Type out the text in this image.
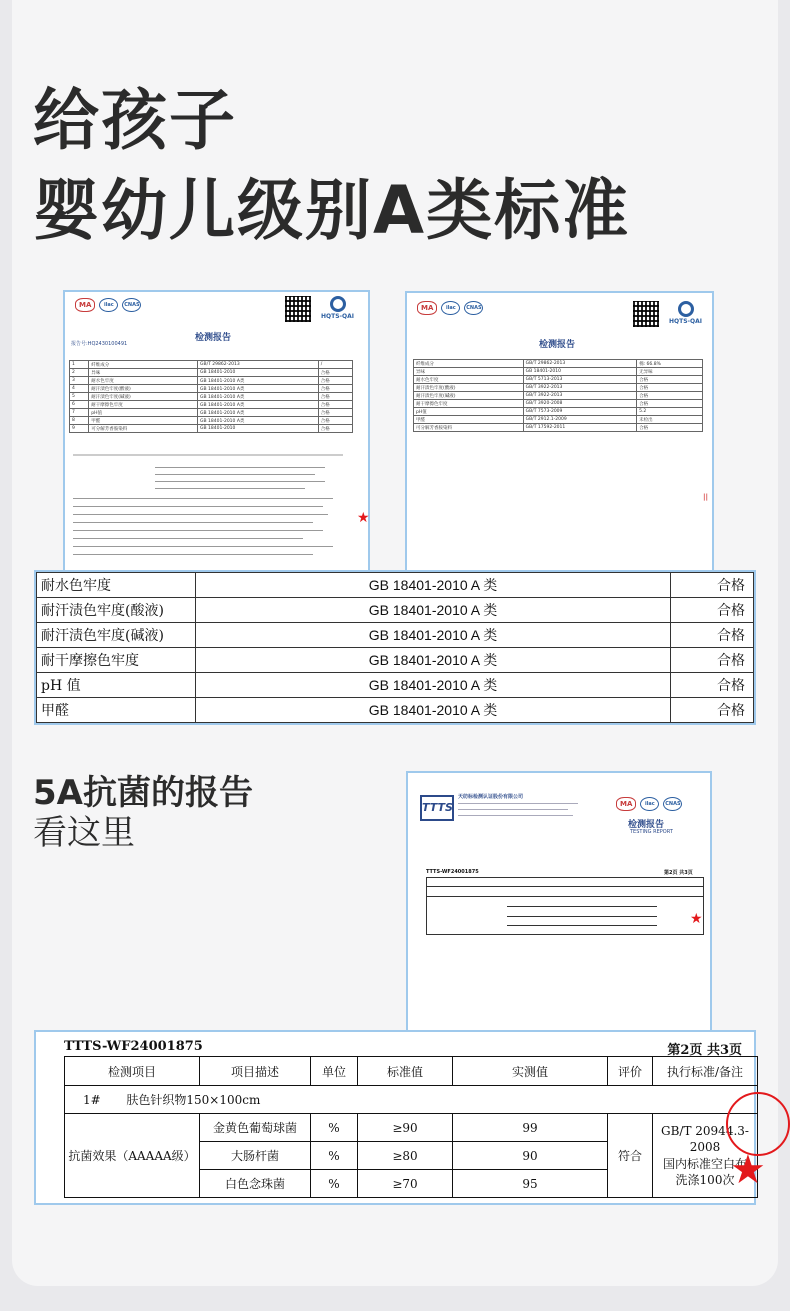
给孩子
婴幼儿级别A类标准
MA	ilac	CNAS
HQTS-QAI
检测报告
报告号:HQ2430100491
1	纤维成分	GB/T 29862-2013	/
2	异味	GB 18401-2010	合格
3	耐水色牢度	GB 18401-2010 A类	合格
4	耐汗渍色牢度(酸液)	GB 18401-2010 A类	合格
5	耐汗渍色牢度(碱液)	GB 18401-2010 A类	合格
6	耐干摩擦色牢度	GB 18401-2010 A类	合格
7	pH值	GB 18401-2010 A类	合格
8	甲醛	GB 18401-2010 A类	合格
9	可分解芳香胺染料	GB 18401-2010	合格
★
MA	ilac	CNAS
HQTS-QAI
检测报告
纤维成分	GB/T 29862-2013	棉: 66.8%
异味	GB 18401-2010	无异味
耐水色牢度	GB/T 5713-2013	合格
耐汗渍色牢度(酸液)	GB/T 3922-2013	合格
耐汗渍色牢度(碱液)	GB/T 3922-2013	合格
耐干摩擦色牢度	GB/T 3920-2008	合格
pH值	GB/T 7573-2009	5.2
甲醛	GB/T 2912.1-2009	未检出
可分解芳香胺染料	GB/T 17592-2011	合格
||
耐水色牢度	GB 18401-2010 A 类	合格
耐汗渍色牢度(酸液)	GB 18401-2010 A 类	合格
耐汗渍色牢度(碱液)	GB 18401-2010 A 类	合格
耐干摩擦色牢度	GB 18401-2010 A 类	合格
pH 值	GB 18401-2010 A 类	合格
甲醛	GB 18401-2010 A 类	合格
5A抗菌的报告
看这里
TTTS
天纺标检测认证股份有限公司
MA	ilac	CNAS
检测报告
TESTING REPORT
TTTS-WF24001875	第2页 共3页
★
TTTS-WF24001875	第2页 共3页
检测项目	项目描述	单位	标准值	实测值	评价	执行标准/备注
1# 肤色针织物150×100cm						
抗菌效果（AAAAA级）	金黄色葡萄球菌	%	≥90	99	符合	GB/T 20944.3-2008
国内标准空白布
洗涤100次

	大肠杆菌	%	≥80	90		
	白色念珠菌	%	≥70	95			★
